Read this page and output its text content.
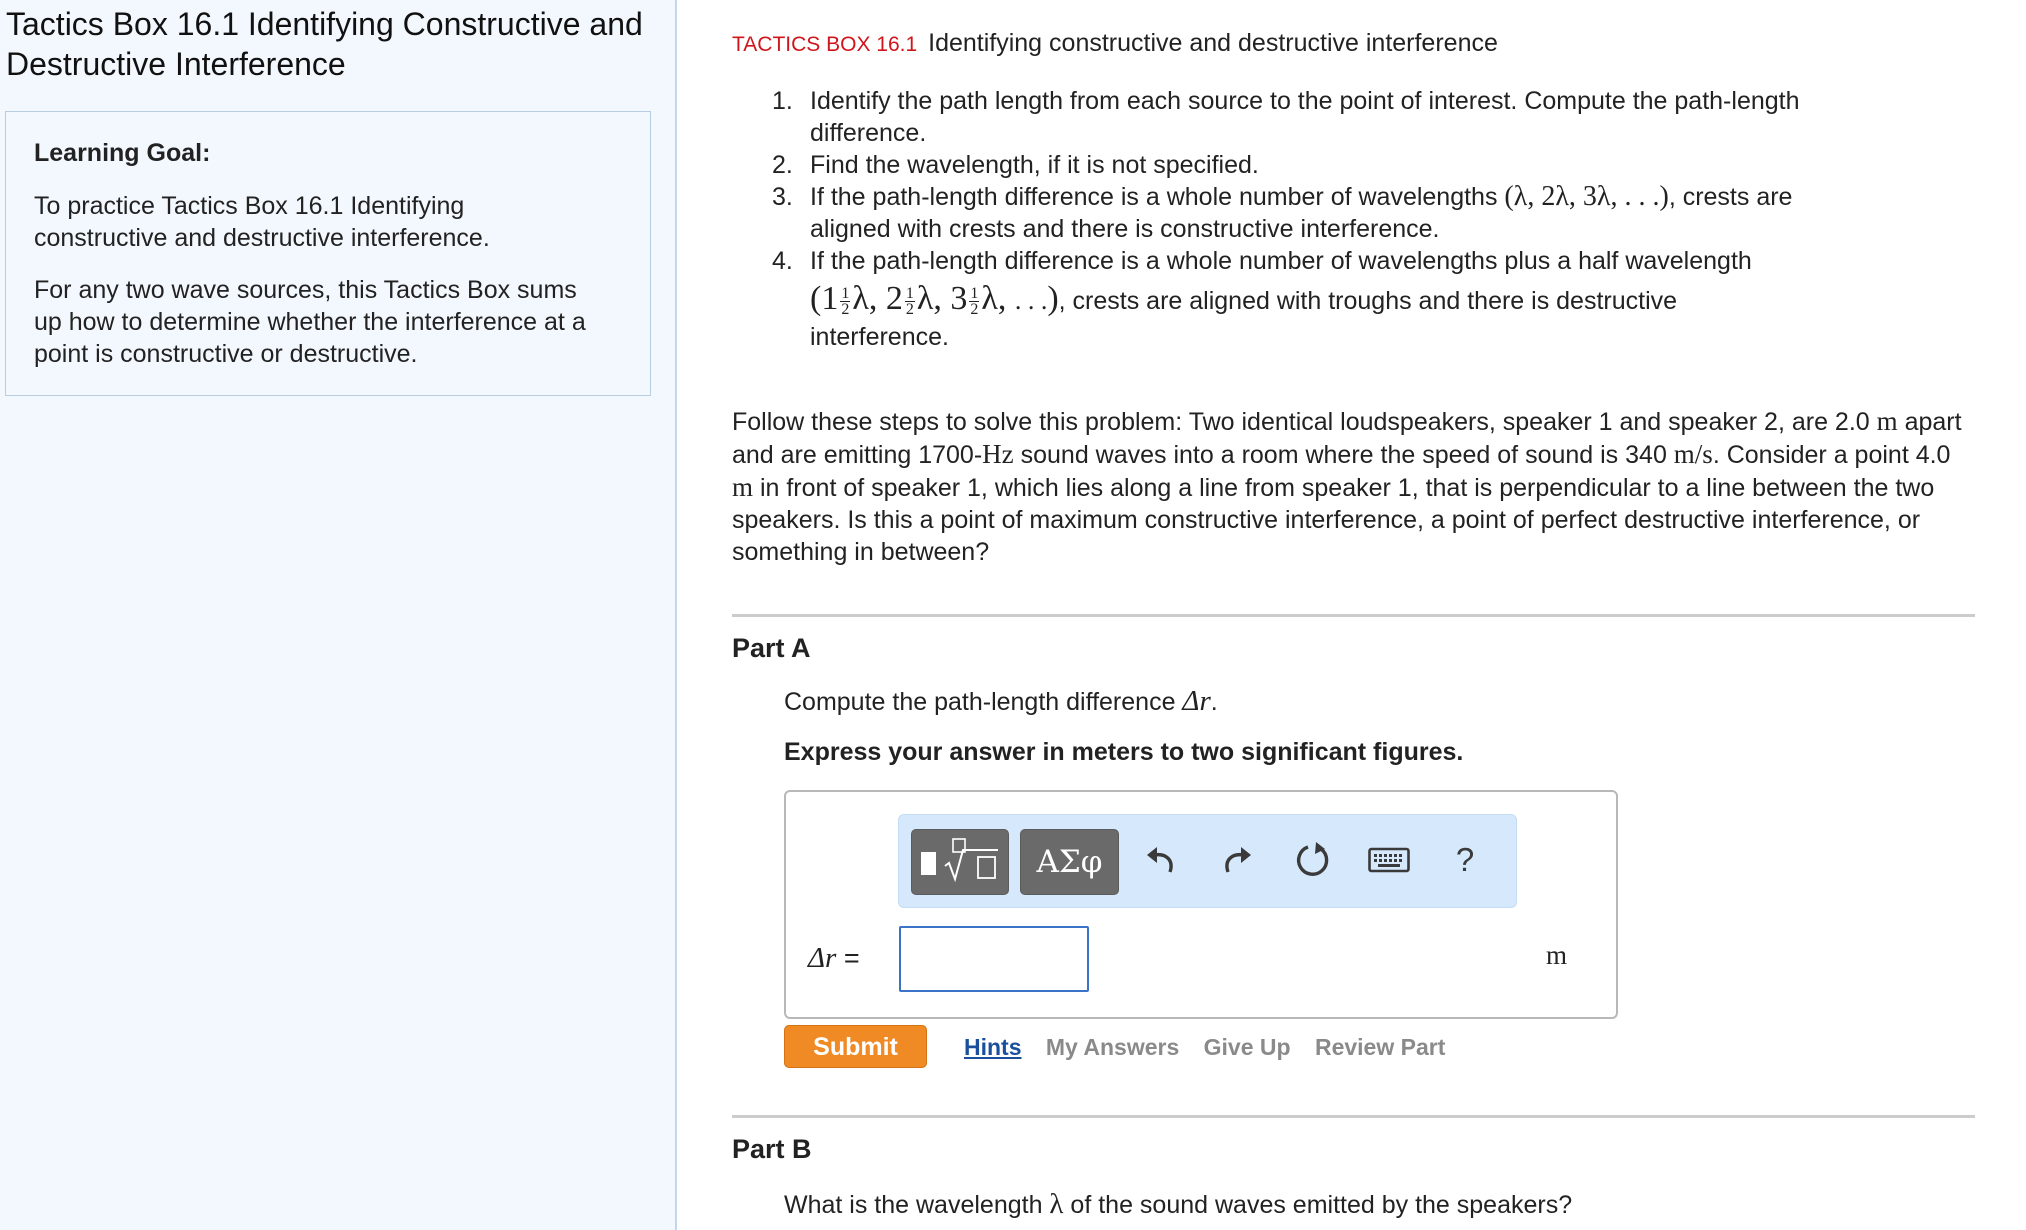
Tactics Box 16.1 Identifying Constructive and
Destructive Interference
Learning Goal:

To practice Tactics Box 16.1 Identifying
constructive and destructive interference.

For any two wave sources, this Tactics Box sums
up how to determine whether the interference at a
point is constructive or destructive.

TACTICS BOX 16.1 Identifying constructive and destructive interference
1. Identify the path length from each source to the point of interest. Compute the path-length
difference.
2. Find the wavelength, if it is not specified.
3. If the path-length difference is a whole number of wavelengths (λ, 2λ, 3λ, . . .), crests are
aligned with crests and there is constructive interference.
4. If the path-length difference is a whole number of wavelengths plus a half wavelength
($1 \frac{1}{2} \lambda$, $2 \frac{1}{2} \lambda$, $3 \frac{1}{2} \lambda$, . . .), crests are aligned with troughs and there is destructive
interference.

Follow these steps to solve this problem: Two identical loudspeakers, speaker 1 and speaker 2, are 2.0 m apart and are emitting 1700-Hz sound waves into a room where the speed of sound is 340 m/s. Consider a point 4.0 m in front of speaker 1, which lies along a line from speaker 1, that is perpendicular to a line between the two speakers. Is this a point of maximum constructive interference, a point of perfect destructive interference, or something in between?

Part A
Compute the path-length difference Δr.
Express your answer in meters to two significant figures.
ΑΣφ	?
Δr =	m
Submit	Hints My Answers Give Up Review Part
Part B
What is the wavelength λ of the sound waves emitted by the speakers?
